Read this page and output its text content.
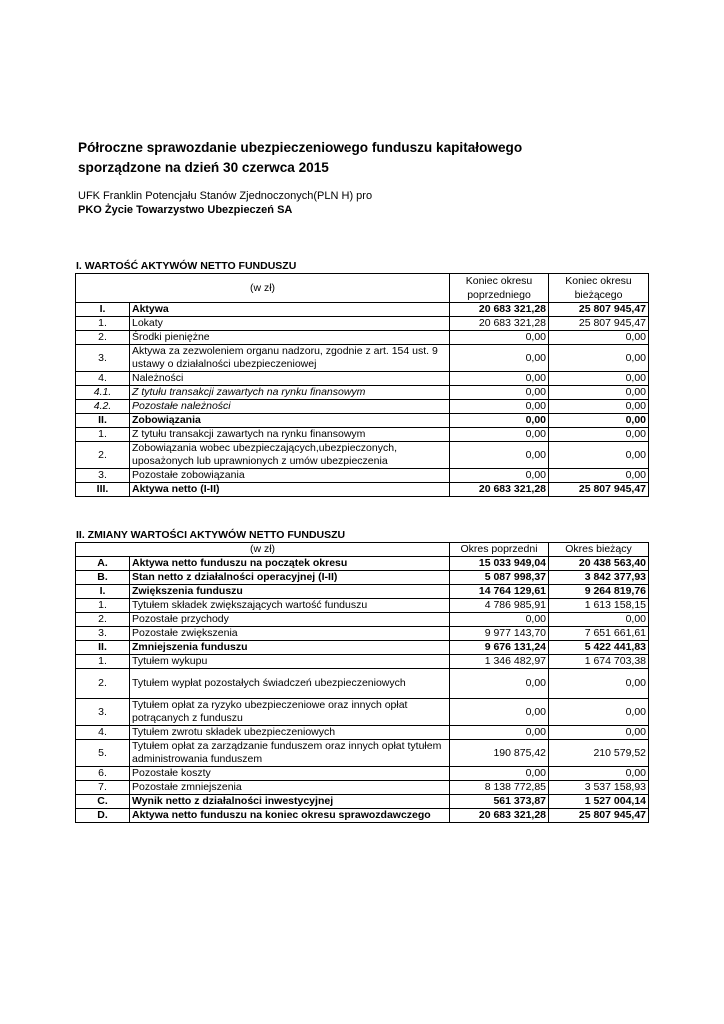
Półroczne sprawozdanie ubezpieczeniowego funduszu kapitałowego
sporządzone na dzień 30 czerwca 2015
UFK Franklin Potencjału Stanów Zjednoczonych(PLN H) pro
PKO Życie Towarzystwo Ubezpieczeń SA
I. WARTOŚĆ AKTYWÓW NETTO FUNDUSZU
(w zł)		Koniec okresu poprzedniego	Koniec okresu bieżącego
I.	Aktywa	20 683 321,28	25 807 945,47
1.	Lokaty	20 683 321,28	25 807 945,47
2.	Środki pieniężne	0,00	0,00
3.	Aktywa za zezwoleniem organu nadzoru, zgodnie z art. 154 ust. 9 ustawy o działalności ubezpieczeniowej	0,00	0,00
4.	Należności	0,00	0,00
4.1.	Z tytułu transakcji zawartych na rynku finansowym	0,00	0,00
4.2.	Pozostałe należności	0,00	0,00
II.	Zobowiązania	0,00	0,00
1.	Z tytułu transakcji zawartych na rynku finansowym	0,00	0,00
2.	Zobowiązania wobec ubezpieczających,ubezpieczonych, uposażonych lub uprawnionych z umów ubezpieczenia	0,00	0,00
3.	Pozostałe zobowiązania	0,00	0,00
III.	Aktywa netto (I-II)	20 683 321,28	25 807 945,47
II. ZMIANY WARTOŚCI AKTYWÓW NETTO FUNDUSZU
(w zł)		Okres poprzedni	Okres bieżący
A.	Aktywa netto funduszu na początek okresu	15 033 949,04	20 438 563,40
B.	Stan netto z działalności operacyjnej (I-II)	5 087 998,37	3 842 377,93
I.	Zwiększenia funduszu	14 764 129,61	9 264 819,76
1.	Tytułem składek zwiększających wartość funduszu	4 786 985,91	1 613 158,15
2.	Pozostałe przychody	0,00	0,00
3.	Pozostałe zwiększenia	9 977 143,70	7 651 661,61
II.	Zmniejszenia funduszu	9 676 131,24	5 422 441,83
1.	Tytułem wykupu	1 346 482,97	1 674 703,38
2.	Tytułem wypłat pozostałych świadczeń ubezpieczeniowych	0,00	0,00
3.	Tytułem opłat za ryzyko ubezpieczeniowe oraz innych opłat potrącanych z funduszu	0,00	0,00
4.	Tytułem zwrotu składek ubezpieczeniowych	0,00	0,00
5.	Tytułem opłat za zarządzanie funduszem oraz innych opłat tytułem administrowania funduszem	190 875,42	210 579,52
6.	Pozostałe koszty	0,00	0,00
7.	Pozostałe zmniejszenia	8 138 772,85	3 537 158,93
C.	Wynik netto z działalności inwestycyjnej	561 373,87	1 527 004,14
D.	Aktywa netto funduszu na koniec okresu sprawozdawczego	20 683 321,28	25 807 945,47
